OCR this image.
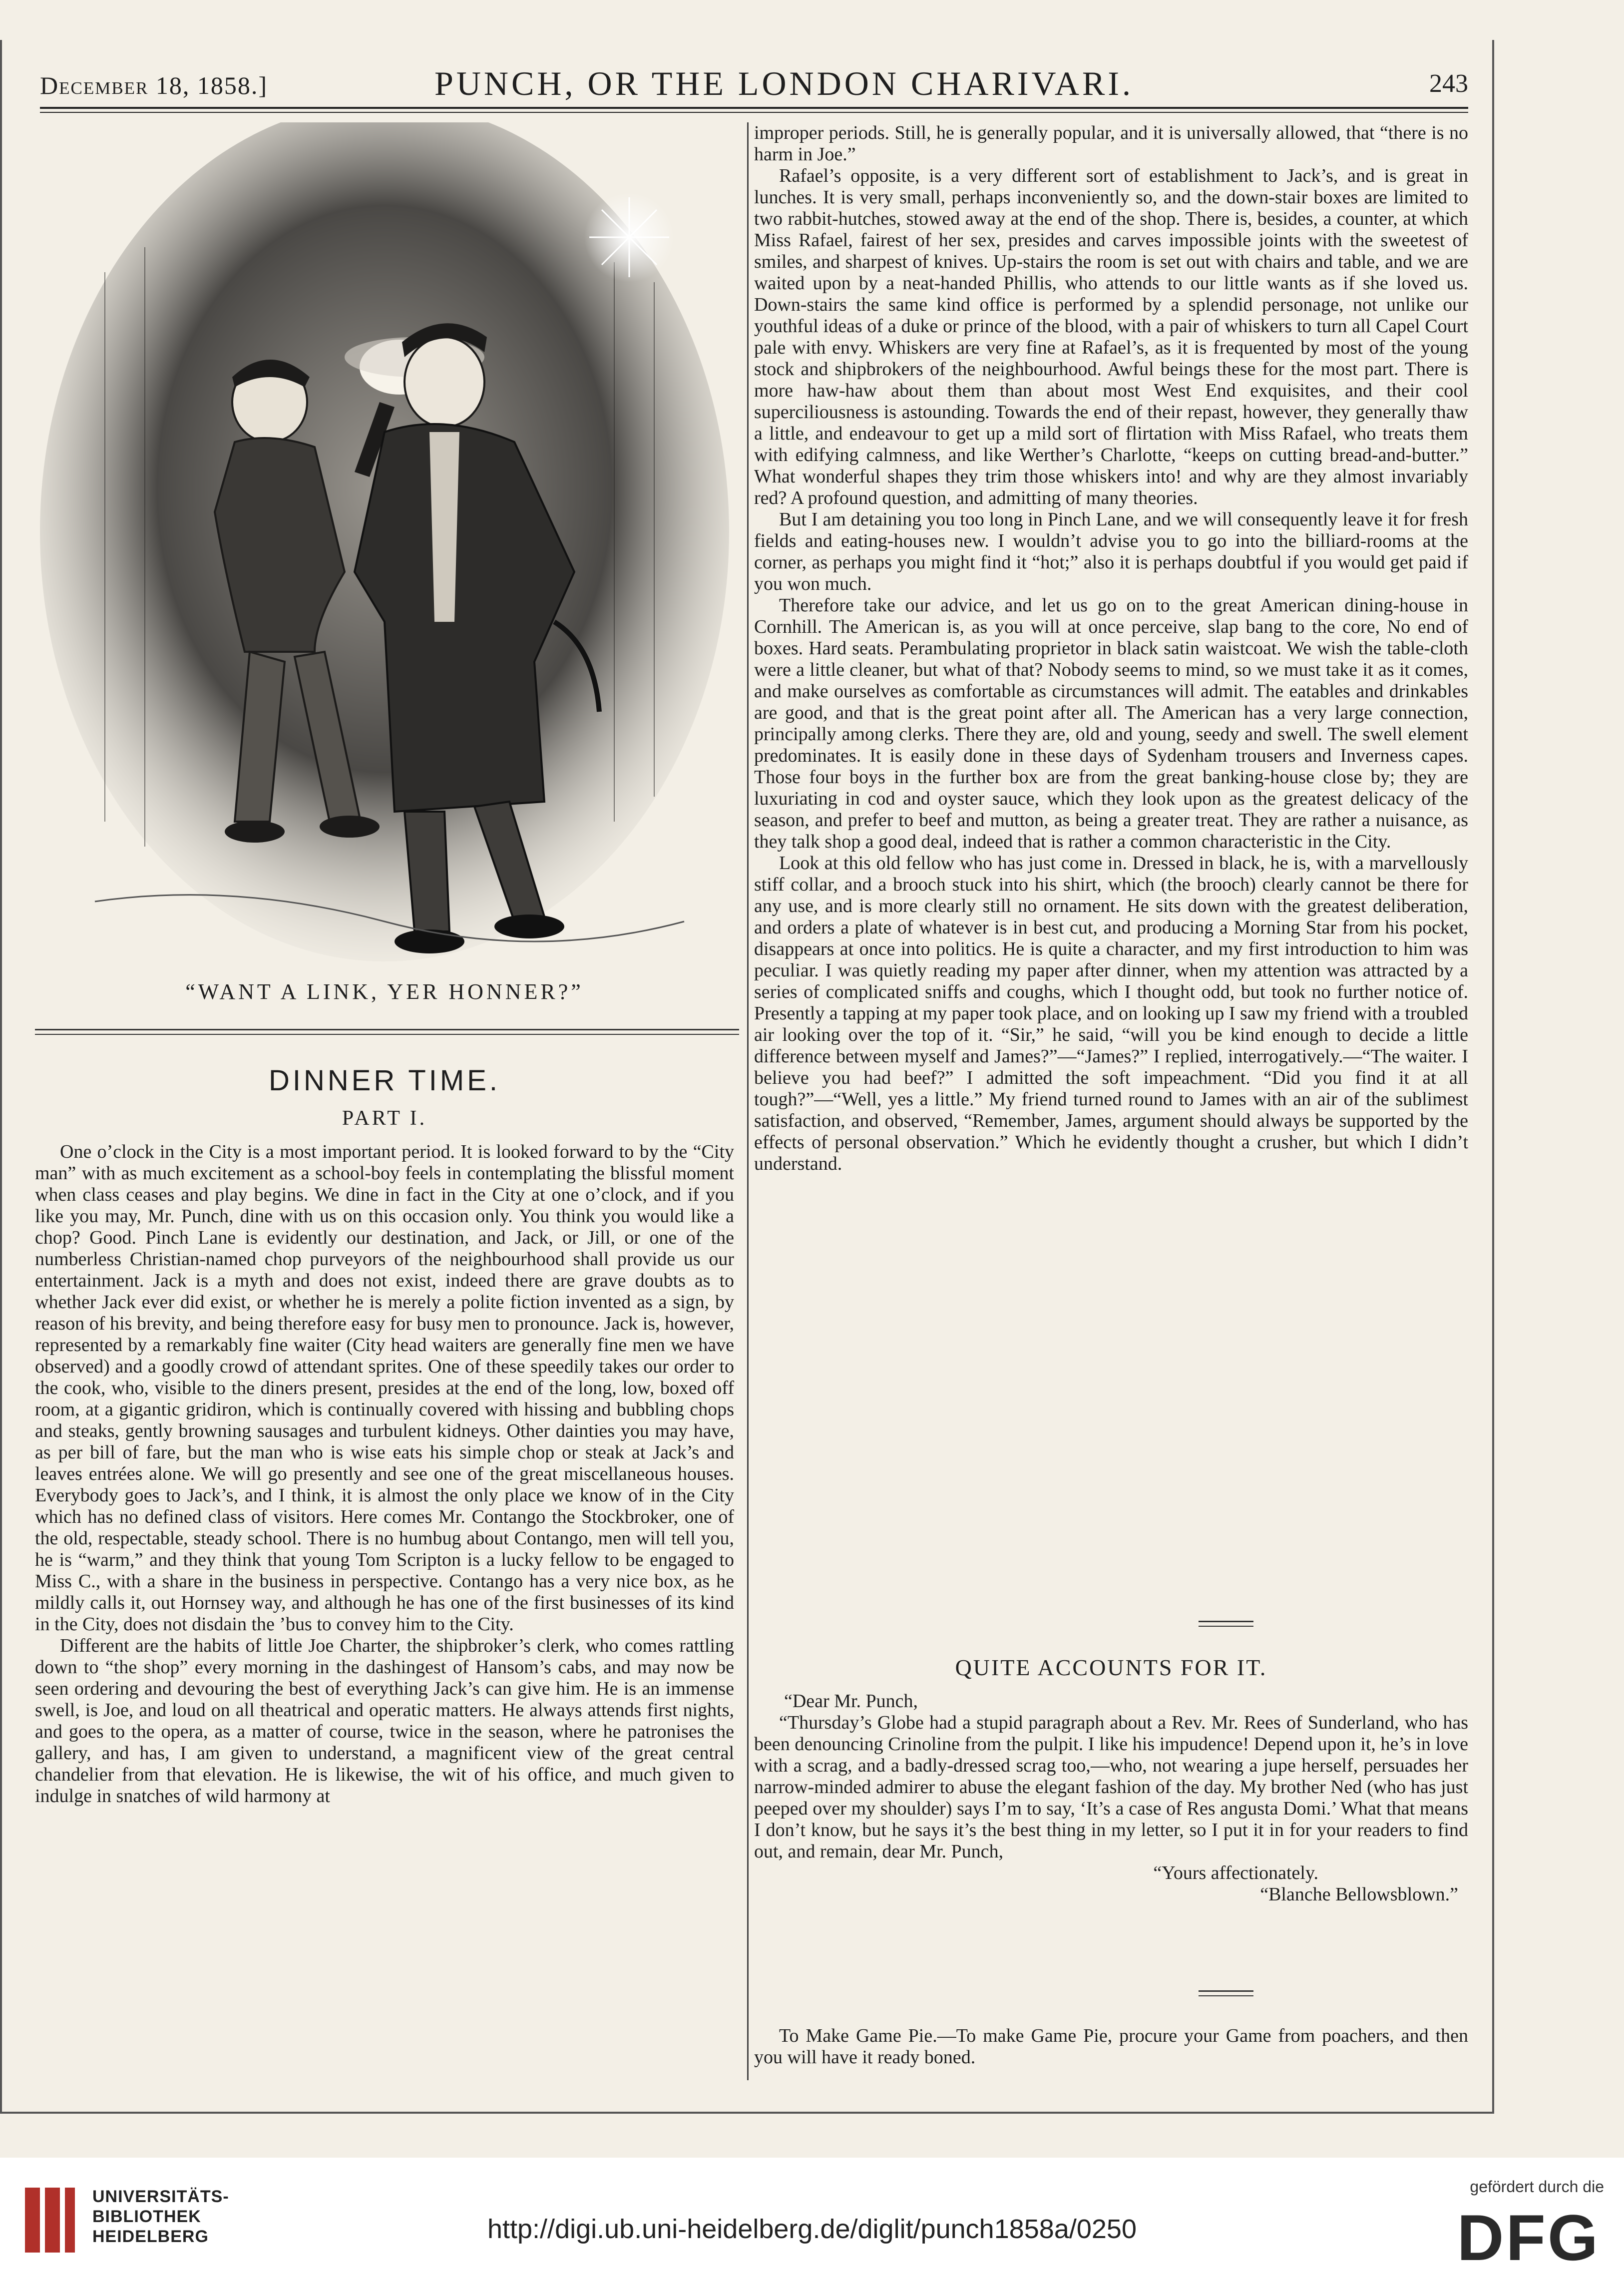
December 18, 1858.]	PUNCH, OR THE LONDON CHARIVARI.	243
“WANT A LINK, YER HONNER?”
DINNER TIME.
PART I.

One o’clock in the City is a most important period. It is looked forward to by the “City man” with as much excitement as a school-boy feels in contemplating the blissful moment when class ceases and play begins. We dine in fact in the City at one o’clock, and if you like you may, Mr. Punch, dine with us on this occasion only. You think you would like a chop? Good. Pinch Lane is evidently our destination, and Jack, or Jill, or one of the numberless Christian-named chop purveyors of the neighbourhood shall provide us our entertainment. Jack is a myth and does not exist, indeed there are grave doubts as to whether Jack ever did exist, or whether he is merely a polite fiction invented as a sign, by reason of his brevity, and being therefore easy for busy men to pronounce. Jack is, however, represented by a remarkably fine waiter (City head waiters are generally fine men we have observed) and a goodly crowd of attendant sprites. One of these speedily takes our order to the cook, who, visible to the diners present, presides at the end of the long, low, boxed off room, at a gigantic gridiron, which is continually covered with hissing and bubbling chops and steaks, gently browning sausages and turbulent kidneys. Other dainties you may have, as per bill of fare, but the man who is wise eats his simple chop or steak at Jack’s and leaves entrées alone. We will go presently and see one of the great miscellaneous houses. Everybody goes to Jack’s, and I think, it is almost the only place we know of in the City which has no defined class of visitors. Here comes Mr. Contango the Stockbroker, one of the old, respectable, steady school. There is no humbug about Contango, men will tell you, he is “warm,” and they think that young Tom Scripton is a lucky fellow to be engaged to Miss C., with a share in the business in perspective. Contango has a very nice box, as he mildly calls it, out Hornsey way, and although he has one of the first businesses of its kind in the City, does not disdain the ’bus to convey him to the City.

Different are the habits of little Joe Charter, the shipbroker’s clerk, who comes rattling down to “the shop” every morning in the dashingest of Hansom’s cabs, and may now be seen ordering and devouring the best of everything Jack’s can give him. He is an immense swell, is Joe, and loud on all theatrical and operatic matters. He always attends first nights, and goes to the opera, as a matter of course, twice in the season, where he patronises the gallery, and has, I am given to understand, a magnificent view of the great central chandelier from that elevation. He is likewise, the wit of his office, and much given to indulge in snatches of wild harmony at

improper periods. Still, he is generally popular, and it is universally allowed, that “there is no harm in Joe.”

Rafael’s opposite, is a very different sort of establishment to Jack’s, and is great in lunches. It is very small, perhaps inconveniently so, and the down-stair boxes are limited to two rabbit-hutches, stowed away at the end of the shop. There is, besides, a counter, at which Miss Rafael, fairest of her sex, presides and carves impossible joints with the sweetest of smiles, and sharpest of knives. Up-stairs the room is set out with chairs and table, and we are waited upon by a neat-handed Phillis, who attends to our little wants as if she loved us. Down-stairs the same kind office is performed by a splendid personage, not unlike our youthful ideas of a duke or prince of the blood, with a pair of whiskers to turn all Capel Court pale with envy. Whiskers are very fine at Rafael’s, as it is frequented by most of the young stock and shipbrokers of the neighbourhood. Awful beings these for the most part. There is more haw-haw about them than about most West End exquisites, and their cool superciliousness is astounding. Towards the end of their repast, however, they generally thaw a little, and endeavour to get up a mild sort of flirtation with Miss Rafael, who treats them with edifying calmness, and like Werther’s Charlotte, “keeps on cutting bread-and-butter.” What wonderful shapes they trim those whiskers into! and why are they almost invariably red? A profound question, and admitting of many theories.

But I am detaining you too long in Pinch Lane, and we will consequently leave it for fresh fields and eating-houses new. I wouldn’t advise you to go into the billiard-rooms at the corner, as perhaps you might find it “hot;” also it is perhaps doubtful if you would get paid if you won much.

Therefore take our advice, and let us go on to the great American dining-house in Cornhill. The American is, as you will at once perceive, slap bang to the core, No end of boxes. Hard seats. Perambulating proprietor in black satin waistcoat. We wish the table-cloth were a little cleaner, but what of that? Nobody seems to mind, so we must take it as it comes, and make ourselves as comfortable as circumstances will admit. The eatables and drinkables are good, and that is the great point after all. The American has a very large connection, principally among clerks. There they are, old and young, seedy and swell. The swell element predominates. It is easily done in these days of Sydenham trousers and Inverness capes. Those four boys in the further box are from the great banking-house close by; they are luxuriating in cod and oyster sauce, which they look upon as the greatest delicacy of the season, and prefer to beef and mutton, as being a greater treat. They are rather a nuisance, as they talk shop a good deal, indeed that is rather a common characteristic in the City.

Look at this old fellow who has just come in. Dressed in black, he is, with a marvellously stiff collar, and a brooch stuck into his shirt, which (the brooch) clearly cannot be there for any use, and is more clearly still no ornament. He sits down with the greatest deliberation, and orders a plate of whatever is in best cut, and producing a Morning Star from his pocket, disappears at once into politics. He is quite a character, and my first introduction to him was peculiar. I was quietly reading my paper after dinner, when my attention was attracted by a series of complicated sniffs and coughs, which I thought odd, but took no further notice of. Presently a tapping at my paper took place, and on looking up I saw my friend with a troubled air looking over the top of it. “Sir,” he said, “will you be kind enough to decide a little difference between myself and James?”—“James?” I replied, interrogatively.—“The waiter. I believe you had beef?” I admitted the soft impeachment. “Did you find it at all tough?”—“Well, yes a little.” My friend turned round to James with an air of the sublimest satisfaction, and observed, “Remember, James, argument should always be supported by the effects of personal observation.” Which he evidently thought a crusher, but which I didn’t understand.

QUITE ACCOUNTS FOR IT.

“Dear Mr. Punch,

“Thursday’s Globe had a stupid paragraph about a Rev. Mr. Rees of Sunderland, who has been denouncing Crinoline from the pulpit. I like his impudence! Depend upon it, he’s in love with a scrag, and a badly-dressed scrag too,—who, not wearing a jupe herself, persuades her narrow-minded admirer to abuse the elegant fashion of the day. My brother Ned (who has just peeped over my shoulder) says I’m to say, ‘It’s a case of Res angusta Domi.’ What that means I don’t know, but he says it’s the best thing in my letter, so I put it in for your readers to find out, and remain, dear Mr. Punch,

“Yours affectionately.

“Blanche Bellowsblown.”

To Make Game Pie.—To make Game Pie, procure your Game from poachers, and then you will have it ready boned.

UNIVERSITÄTS-
BIBLIOTHEK
HEIDELBERG	http://digi.ub.uni-heidelberg.de/diglit/punch1858a/0250
gefördert durch die
DFG
